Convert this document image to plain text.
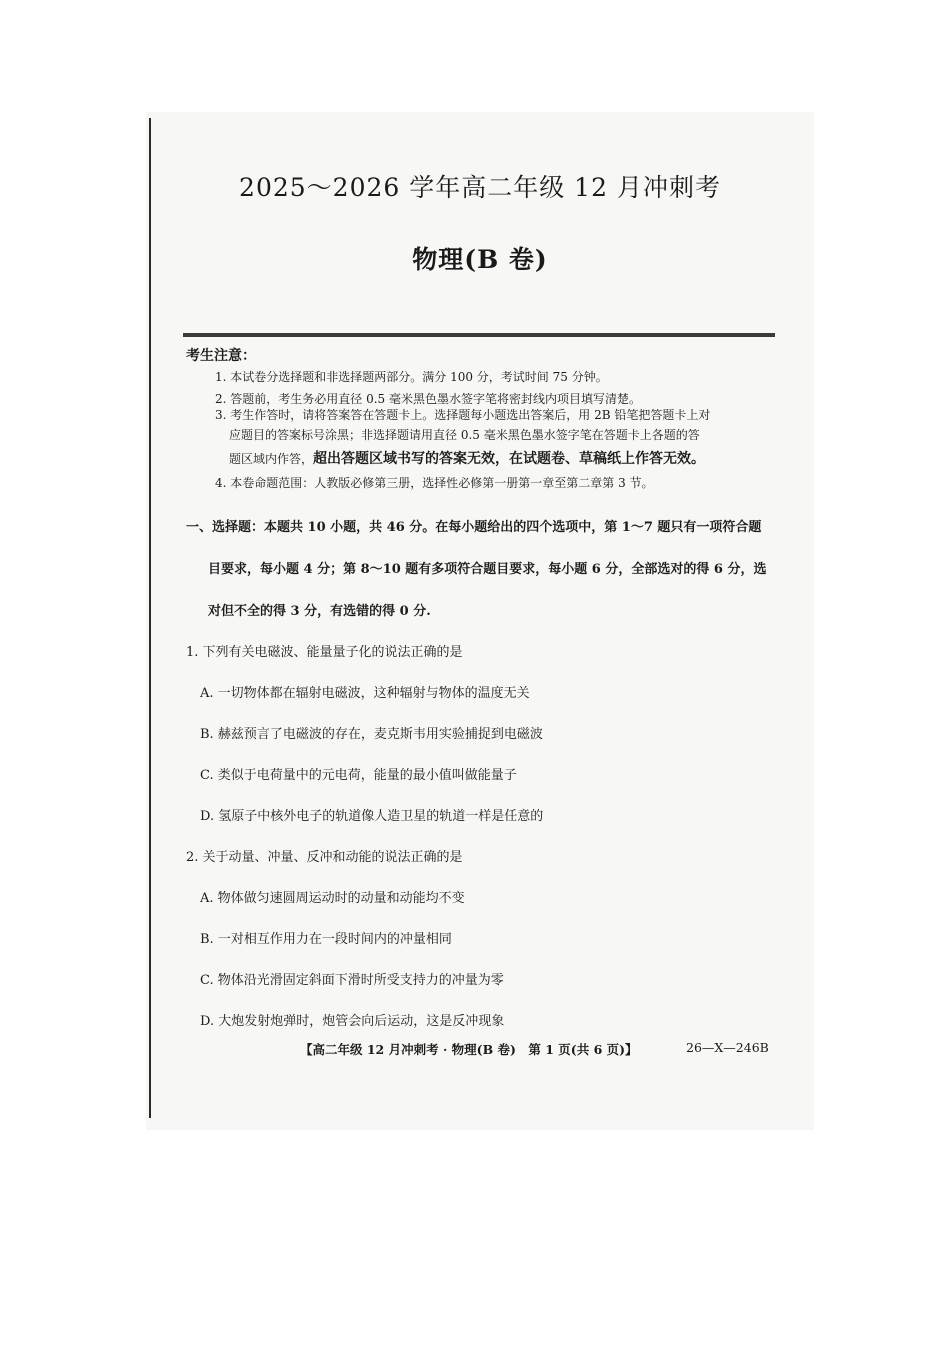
2025～2026 学年高二年级 12 月冲刺考
物理(B 卷)
考生注意：
1. 本试卷分选择题和非选择题两部分。满分 100 分，考试时间 75 分钟。
2. 答题前，考生务必用直径 0.5 毫米黑色墨水签字笔将密封线内项目填写清楚。
3. 考生作答时，请将答案答在答题卡上。选择题每小题选出答案后，用 2B 铅笔把答题卡上对
应题目的答案标号涂黑；非选择题请用直径 0.5 毫米黑色墨水签字笔在答题卡上各题的答
题区域内作答，超出答题区域书写的答案无效，在试题卷、草稿纸上作答无效。
4. 本卷命题范围：人教版必修第三册，选择性必修第一册第一章至第二章第 3 节。
一、选择题：本题共 10 小题，共 46 分。在每小题给出的四个选项中，第 1～7 题只有一项符合题
目要求，每小题 4 分；第 8～10 题有多项符合题目要求，每小题 6 分，全部选对的得 6 分，选
对但不全的得 3 分，有选错的得 0 分.
1. 下列有关电磁波、能量量子化的说法正确的是
A. 一切物体都在辐射电磁波，这种辐射与物体的温度无关
B. 赫兹预言了电磁波的存在，麦克斯韦用实验捕捉到电磁波
C. 类似于电荷量中的元电荷，能量的最小值叫做能量子
D. 氢原子中核外电子的轨道像人造卫星的轨道一样是任意的
2. 关于动量、冲量、反冲和动能的说法正确的是
A. 物体做匀速圆周运动时的动量和动能均不变
B. 一对相互作用力在一段时间内的冲量相同
C. 物体沿光滑固定斜面下滑时所受支持力的冲量为零
D. 大炮发射炮弹时，炮管会向后运动，这是反冲现象
【高二年级 12 月冲刺考 · 物理(B 卷)　第 1 页(共 6 页)】	26—X—246B
